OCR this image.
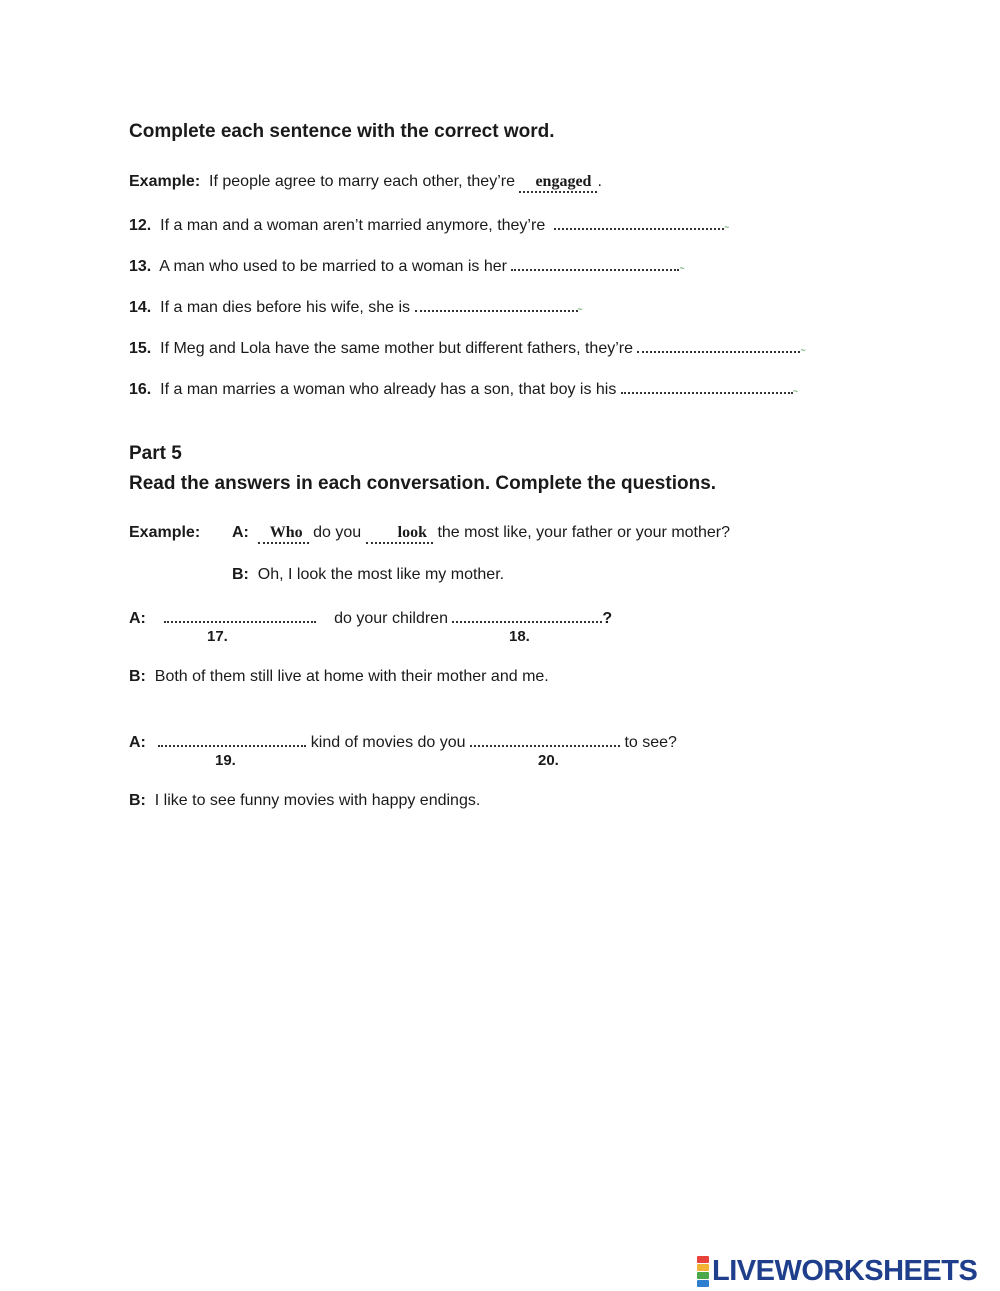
Complete each sentence with the correct word.
Example: If people agree to marry each other, they’re engaged .
12. If a man and a woman aren’t married anymore, they’re	~
13. A man who used to be married to a woman is her	~
14. If a man dies before his wife, she is	~
15. If Meg and Lola have the same mother but different fathers, they’re	~
16. If a man marries a woman who already has a son, that boy is his	~
Part 5
Read the answers in each conversation. Complete the questions.
Example: A: Who do you look the most like, your father or your mother?
B: Oh, I look the most like my mother.
A:	do your children	?
17.	18.
B: Both of them still live at home with their mother and me.
A:	kind of movies do you	to see?
19.	20.
B: I like to see funny movies with happy endings.
LIVEWORKSHEETS
